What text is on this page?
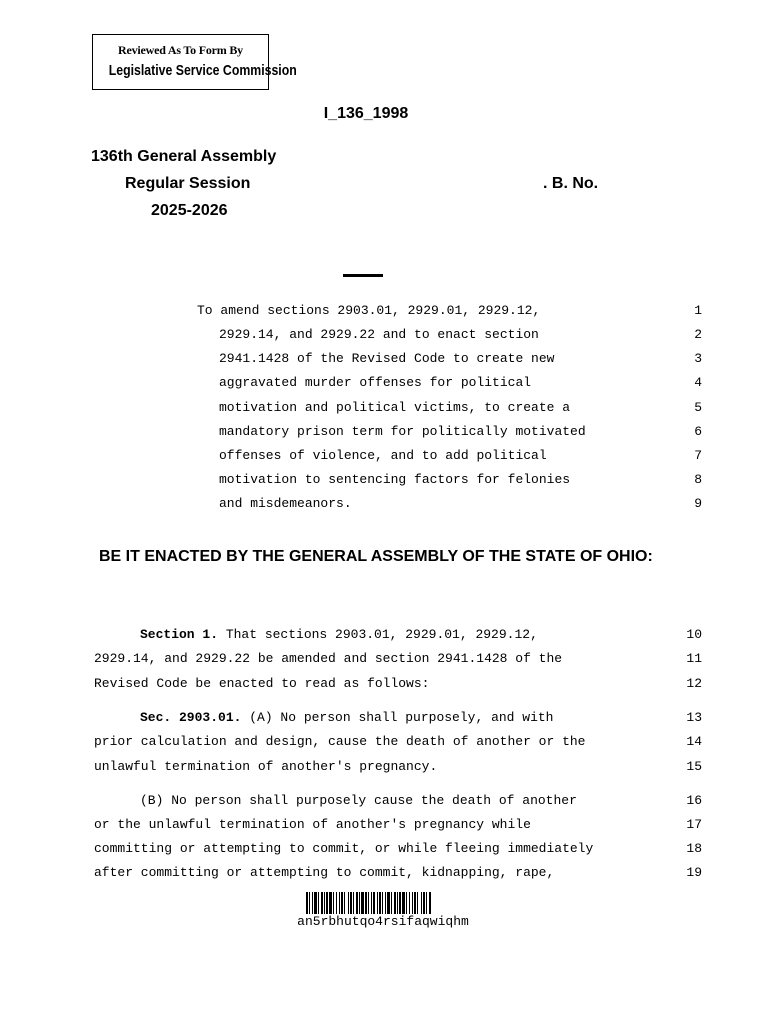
Reviewed As To Form By
Legislative Service Commission
I_136_1998
136th General Assembly
Regular Session
2025-2026
. B. No.
To amend sections 2903.01, 2929.01, 2929.12,
2929.14, and 2929.22 and to enact section
2941.1428 of the Revised Code to create new
aggravated murder offenses for political
motivation and political victims, to create a
mandatory prison term for politically motivated
offenses of violence, and to add political
motivation to sentencing factors for felonies
and misdemeanors.
1
2
3
4
5
6
7
8
9
BE IT ENACTED BY THE GENERAL ASSEMBLY OF THE STATE OF OHIO:
Section 1. That sections 2903.01, 2929.01, 2929.12,
2929.14, and 2929.22 be amended and section 2941.1428 of the
Revised Code be enacted to read as follows:
Sec. 2903.01. (A) No person shall purposely, and with
prior calculation and design, cause the death of another or the
unlawful termination of another's pregnancy.
(B) No person shall purposely cause the death of another
or the unlawful termination of another's pregnancy while
committing or attempting to commit, or while fleeing immediately
after committing or attempting to commit, kidnapping, rape,
10
11
12
13
14
15
16
17
18
19
an5rbhutqo4rsifaqwiqhm
